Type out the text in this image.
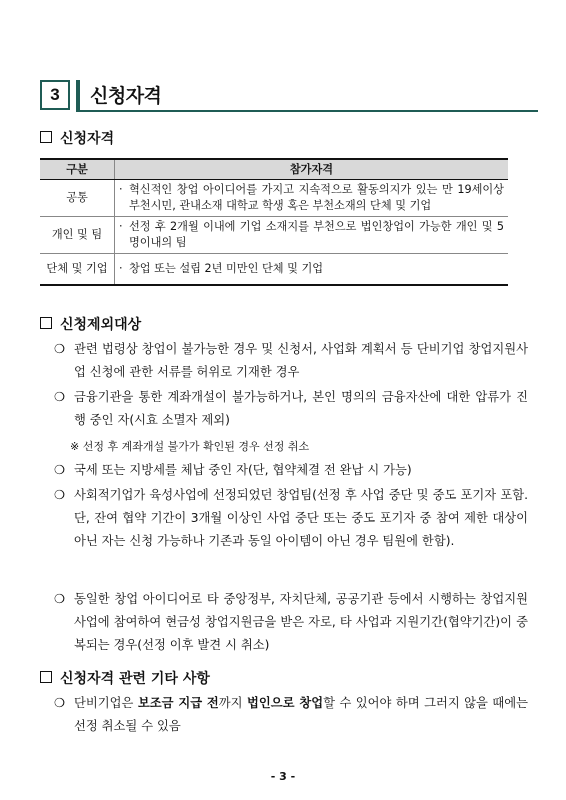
3	신청자격
신청자격
구분	참가자격
공통	· 혁신적인 창업 아이디어를 가지고 지속적으로 활동의지가 있는 만 19세이상 부천시민, 관내소재 대학교 학생 혹은 부천소재의 단체 및 기업

개인 및 팀	· 선정 후 2개월 이내에 기업 소재지를 부천으로 법인창업이 가능한 개인 및 5명이내의 팀

단체 및 기업	· 창업 또는 설립 2년 미만인 단체 및 기업
신청제외대상
❍ 관련 법령상 창업이 불가능한 경우 및 신청서, 사업화 계획서 등 단비기업 창업지원사업 신청에 관한 서류를 허위로 기재한 경우
❍ 금융기관을 통한 계좌개설이 불가능하거나, 본인 명의의 금융자산에 대한 압류가 진행 중인 자(시효 소멸자 제외)
※ 선정 후 계좌개설 불가가 확인된 경우 선정 취소
❍ 국세 또는 지방세를 체납 중인 자(단, 협약체결 전 완납 시 가능)
❍ 사회적기업가 육성사업에 선정되었던 창업팀(선정 후 사업 중단 및 중도 포기자 포함. 단, 잔여 협약 기간이 3개월 이상인 사업 중단 또는 중도 포기자 중 참여 제한 대상이 아닌 자는 신청 가능하나 기존과 동일 아이템이 아닌 경우 팀원에 한함).
❍ 동일한 창업 아이디어로 타 중앙정부, 자치단체, 공공기관 등에서 시행하는 창업지원사업에 참여하여 현금성 창업지원금을 받은 자로, 타 사업과 지원기간(협약기간)이 중복되는 경우(선정 이후 발견 시 취소)
신청자격 관련 기타 사항
❍ 단비기업은 보조금 지급 전까지 법인으로 창업할 수 있어야 하며 그러지 않을 때에는 선정 취소될 수 있음
- 3 -
